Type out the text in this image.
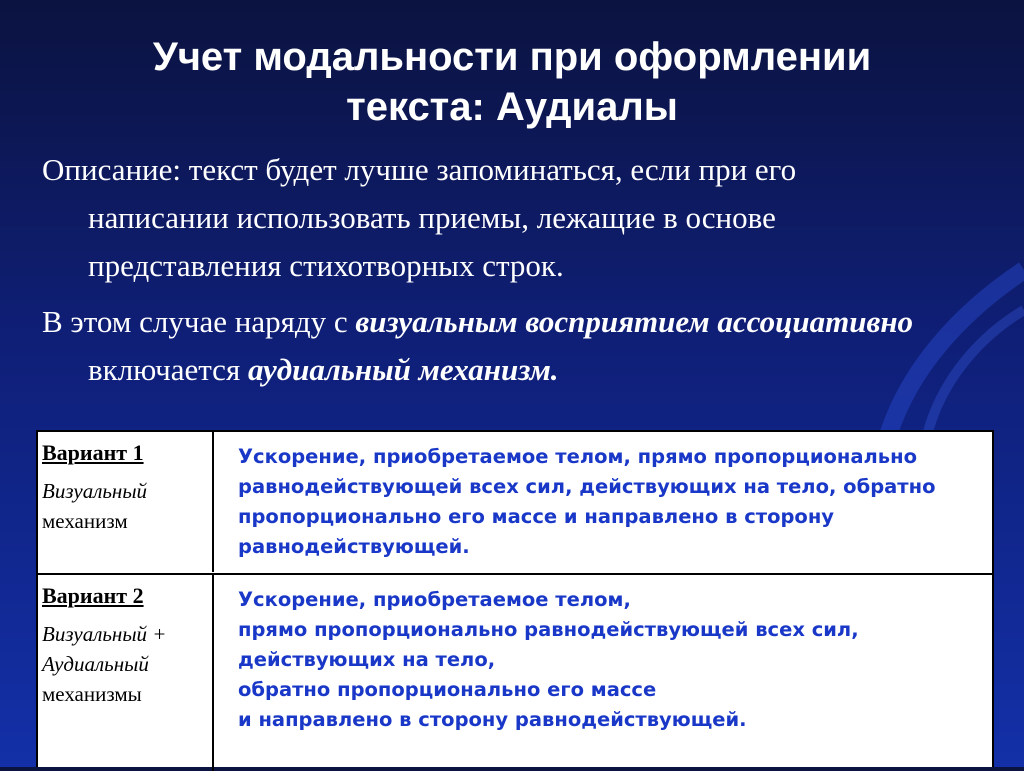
Учет модальности при оформлении
текста: Аудиалы

Описание: текст будет лучше запоминаться, если при его написании использовать приемы, лежащие в основе представления стихотворных строк.

В этом случае наряду с визуальным восприятием ассоциативно включается аудиальный механизм.

Вариант 1
Визуальный
механизм
Ускорение, приобретаемое телом, прямо пропорционально
равнодействующей всех сил, действующих на тело, обратно
пропорционально его массе и направлено в сторону
равнодействующей.
Вариант 2
Визуальный +
Аудиальный
механизмы
Ускорение, приобретаемое телом,
прямо пропорционально равнодействующей всех сил,
действующих на тело,
обратно пропорционально его массе
и направлено в сторону равнодействующей.
